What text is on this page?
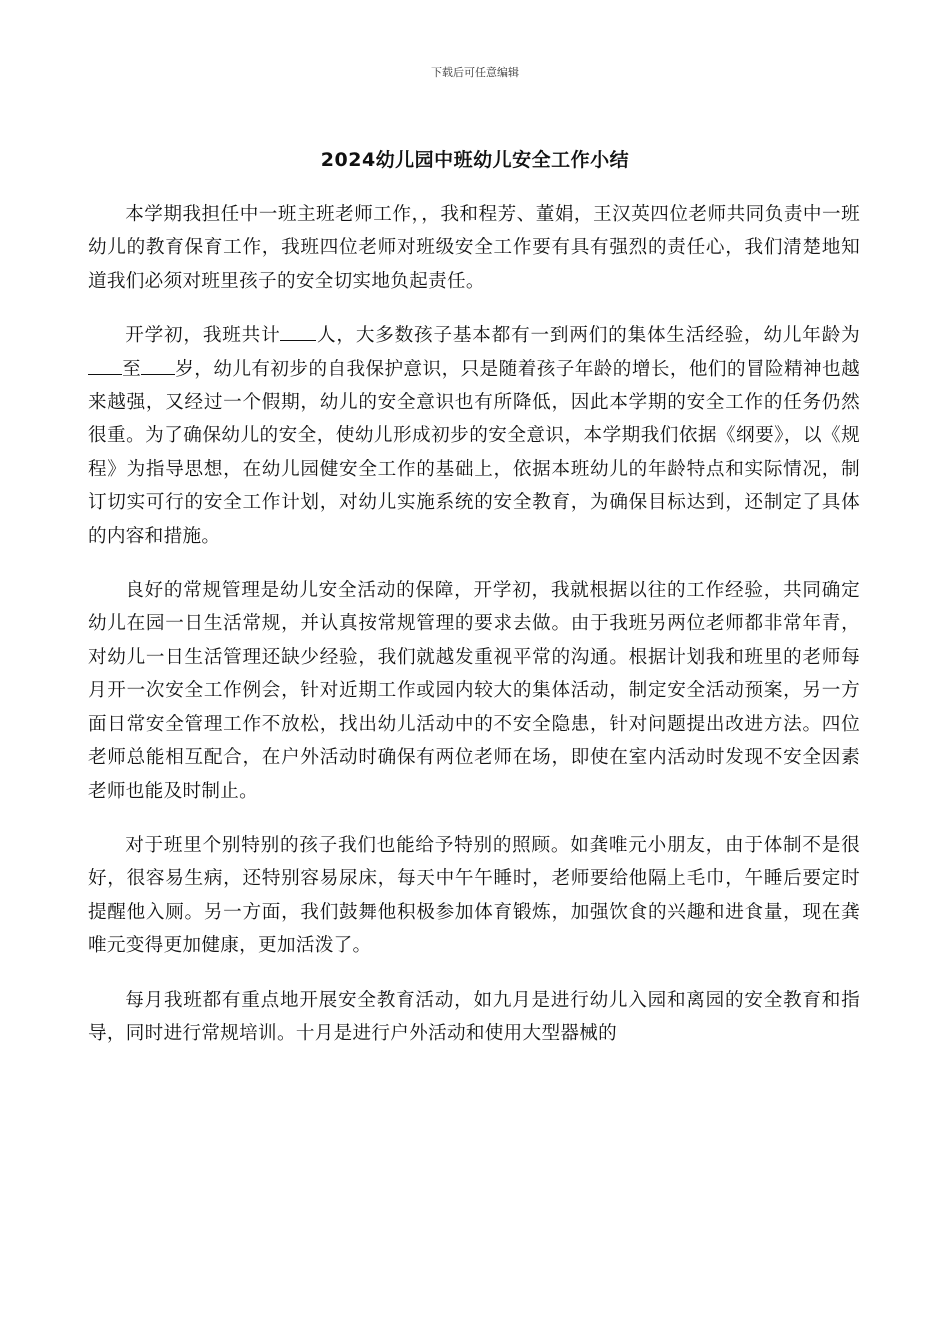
下载后可任意编辑
2024幼儿园中班幼儿安全工作小结

本学期我担任中一班主班老师工作，，我和程芳、董娟，王汉英四位老师共同负责中一班幼儿的教育保育工作，我班四位老师对班级安全工作要有具有强烈的责任心，我们清楚地知道我们必须对班里孩子的安全切实地负起责任。

开学初，我班共计 人，大多数孩子基本都有一到两们的集体生活经验，幼儿年龄为至 岁，幼儿有初步的自我保护意识，只是随着孩子年龄的增长，他们的冒险精神也越来越强，又经过一个假期，幼儿的安全意识也有所降低，因此本学期的安全工作的任务仍然很重。为了确保幼儿的安全，使幼儿形成初步的安全意识，本学期我们依据《纲要》，以《规程》为指导思想，在幼儿园健安全工作的基础上，依据本班幼儿的年龄特点和实际情况，制订切实可行的安全工作计划，对幼儿实施系统的安全教育，为确保目标达到，还制定了具体的内容和措施。

良好的常规管理是幼儿安全活动的保障，开学初，我就根据以往的工作经验，共同确定幼儿在园一日生活常规，并认真按常规管理的要求去做。由于我班另两位老师都非常年青，对幼儿一日生活管理还缺少经验，我们就越发重视平常的沟通。根据计划我和班里的老师每月开一次安全工作例会，针对近期工作或园内较大的集体活动，制定安全活动预案，另一方面日常安全管理工作不放松，找出幼儿活动中的不安全隐患，针对问题提出改进方法。四位老师总能相互配合，在户外活动时确保有两位老师在场，即使在室内活动时发现不安全因素老师也能及时制止。

对于班里个别特别的孩子我们也能给予特别的照顾。如龚唯元小朋友，由于体制不是很好，很容易生病，还特别容易尿床，每天中午午睡时，老师要给他隔上毛巾，午睡后要定时提醒他入厕。另一方面，我们鼓舞他积极参加体育锻炼，加强饮食的兴趣和进食量，现在龚唯元变得更加健康，更加活泼了。

每月我班都有重点地开展安全教育活动，如九月是进行幼儿入园和离园的安全教育和指导，同时进行常规培训。十月是进行户外活动和使用大型器械的
